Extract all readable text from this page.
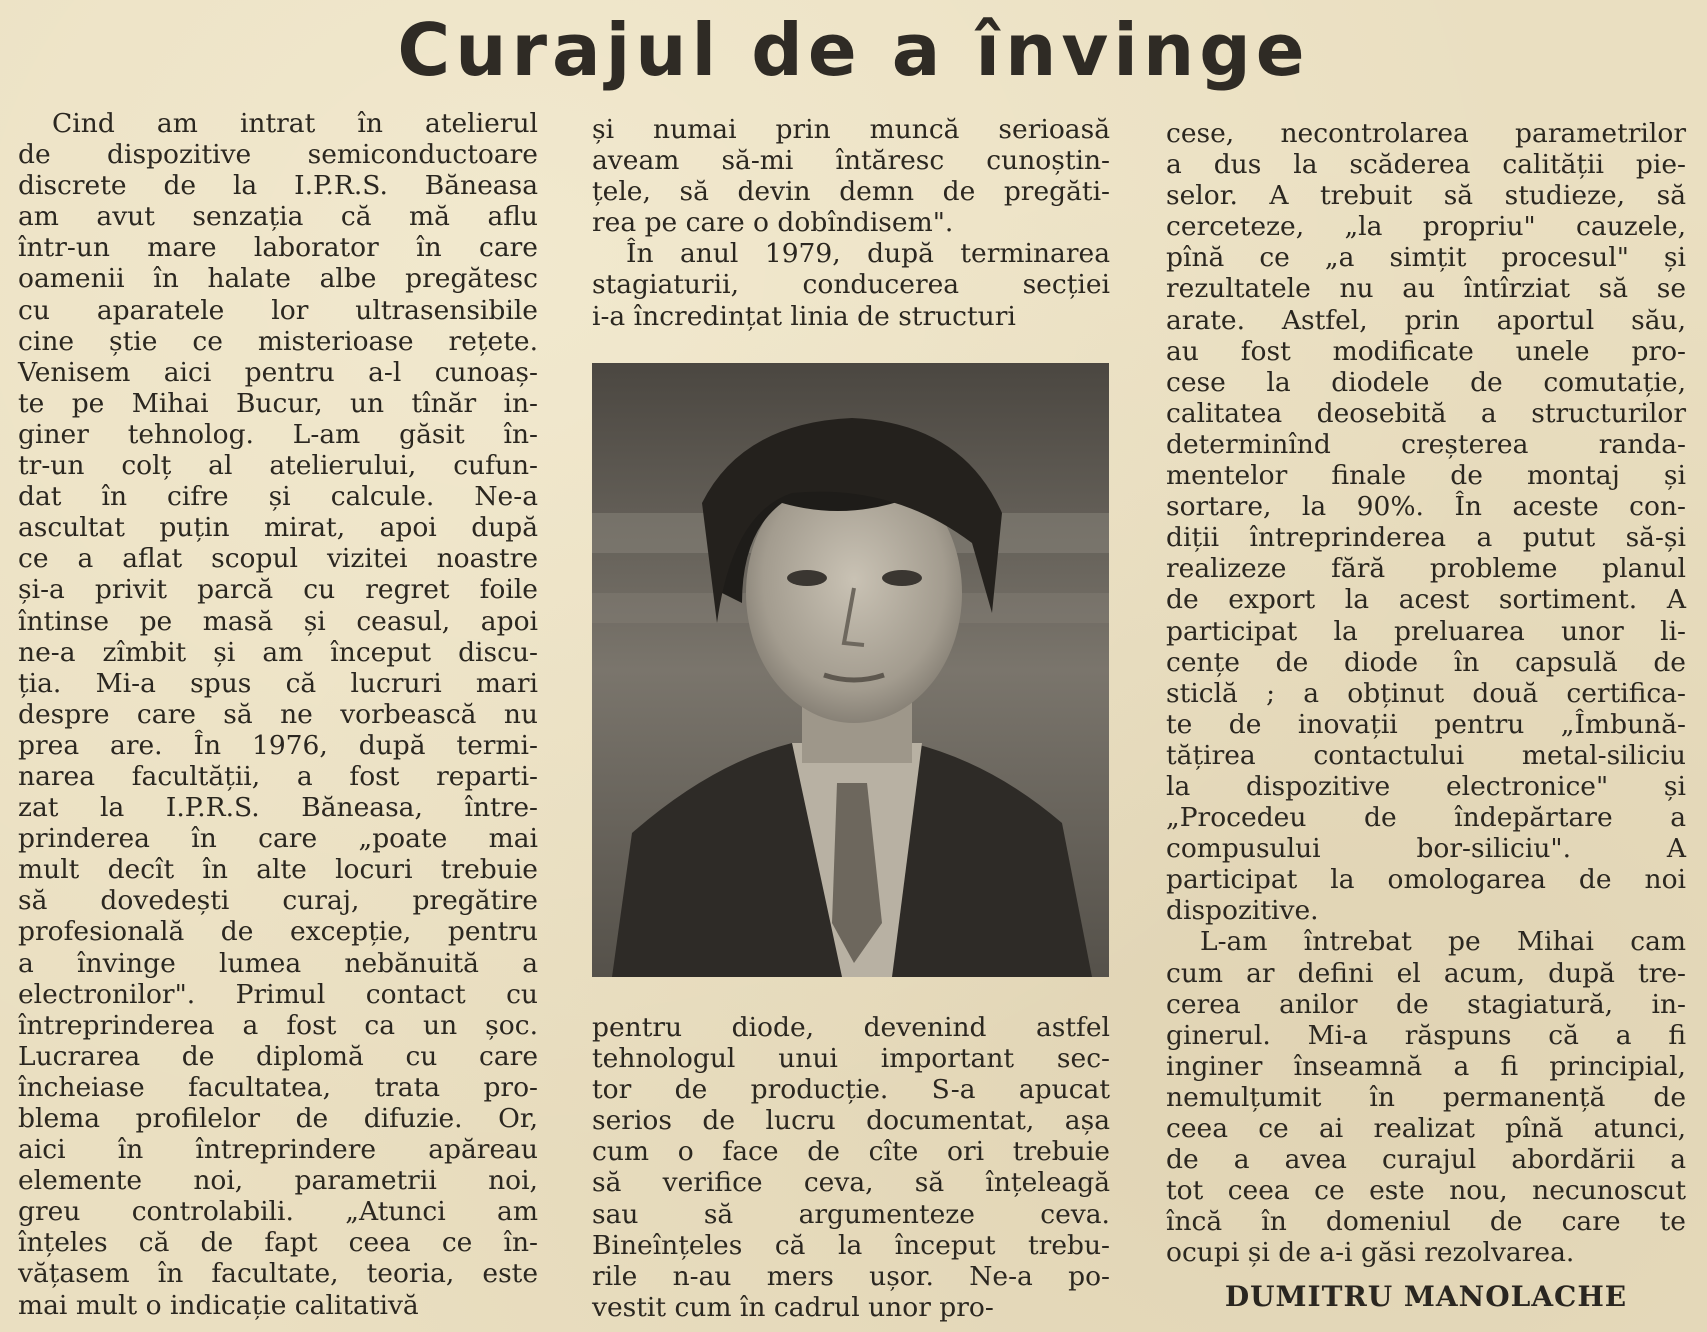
Curajul de a învinge
Cind am intrat în atelierul
de dispozitive semiconductoare
discrete de la I.P.R.S. Băneasa
am avut senzația că mă aflu
într-un mare laborator în care
oamenii în halate albe pregătesc
cu aparatele lor ultrasensibile
cine știe ce misterioase rețete.
Venisem aici pentru a-l cunoaș-
te pe Mihai Bucur, un tînăr in-
giner tehnolog. L-am găsit în-
tr-un colț al atelierului, cufun-
dat în cifre și calcule. Ne-a
ascultat puțin mirat, apoi după
ce a aflat scopul vizitei noastre
și-a privit parcă cu regret foile
întinse pe masă și ceasul, apoi
ne-a zîmbit și am început discu-
ția. Mi-a spus că lucruri mari
despre care să ne vorbească nu
prea are. În 1976, după termi-
narea facultății, a fost reparti-
zat la I.P.R.S. Băneasa, între-
prinderea în care „poate mai
mult decît în alte locuri trebuie
să dovedești curaj, pregătire
profesională de excepție, pentru
a învinge lumea nebănuită a
electronilor". Primul contact cu
întreprinderea a fost ca un șoc.
Lucrarea de diplomă cu care
încheiase facultatea, trata pro-
blema profilelor de difuzie. Or,
aici în întreprindere apăreau
elemente noi, parametrii noi,
greu controlabili. „Atunci am
înțeles că de fapt ceea ce în-
vățasem în facultate, teoria, este
mai mult o indicație calitativă
și numai prin muncă serioasă
aveam să-mi întăresc cunoștin-
țele, să devin demn de pregăti-
rea pe care o dobîndisem".
În anul 1979, după terminarea
stagiaturii, conducerea secției
i-a încredințat linia de structuri
pentru diode, devenind astfel
tehnologul unui important sec-
tor de producție. S-a apucat
serios de lucru documentat, așa
cum o face de cîte ori trebuie
să verifice ceva, să înțeleagă
sau să argumenteze ceva.
Bineînțeles că la început trebu-
rile n-au mers ușor. Ne-a po-
vestit cum în cadrul unor pro-
cese, necontrolarea parametrilor
a dus la scăderea calității pie-
selor. A trebuit să studieze, să
cerceteze, „la propriu" cauzele,
pînă ce „a simțit procesul" și
rezultatele nu au întîrziat să se
arate. Astfel, prin aportul său,
au fost modificate unele pro-
cese la diodele de comutație,
calitatea deosebită a structurilor
determinînd creșterea randa-
mentelor finale de montaj și
sortare, la 90%. În aceste con-
diții întreprinderea a putut să-și
realizeze fără probleme planul
de export la acest sortiment. A
participat la preluarea unor li-
cențe de diode în capsulă de
sticlă ; a obținut două certifica-
te de inovații pentru „Îmbună-
tățirea contactului metal-siliciu
la dispozitive electronice" și
„Procedeu de îndepărtare a
compusului bor-siliciu". A
participat la omologarea de noi
dispozitive.
L-am întrebat pe Mihai cam
cum ar defini el acum, după tre-
cerea anilor de stagiatură, in-
ginerul. Mi-a răspuns că a fi
inginer înseamnă a fi principial,
nemulțumit în permanență de
ceea ce ai realizat pînă atunci,
de a avea curajul abordării a
tot ceea ce este nou, necunoscut
încă în domeniul de care te
ocupi și de a-i găsi rezolvarea.
DUMITRU MANOLACHE
